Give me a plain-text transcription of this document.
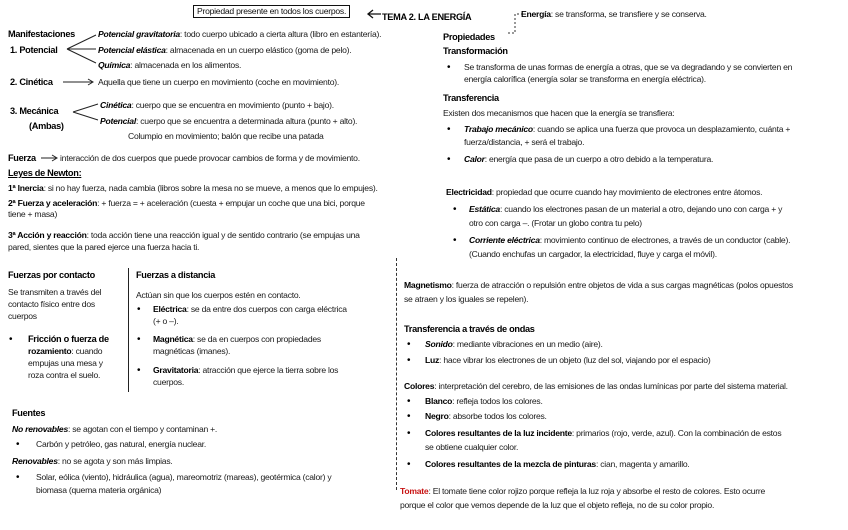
Propiedad presente en todos los cuerpos.
TEMA 2. LA ENERGÍA	Energía: se transforma, se transfiere y se conserva.
Manifestaciones
1. Potencial
Potencial gravitatoria: todo cuerpo ubicado a cierta altura (libro en estantería).
Potencial elástica: almacenada en un cuerpo elástico (goma de pelo).
Química: almacenada en los alimentos.
2. Cinética	Aquella que tiene un cuerpo en movimiento (coche en movimiento).
3. Mecánica
(Ambas)
Cinética: cuerpo que se encuentra en movimiento (punto + bajo).
Potencial: cuerpo que se encuentra a determinada altura (punto + alto).
Columpio en movimiento; balón que recibe una patada
Fuerza	interacción de dos cuerpos que puede provocar cambios de forma y de movimiento.
Leyes de Newton:
1ª Inercia: si no hay fuerza, nada cambia (libros sobre la mesa no se mueve, a menos que lo empujes).
2ª Fuerza y aceleración: + fuerza = + aceleración (cuesta + empujar un coche que una bici, porque
tiene + masa)
3ª Acción y reacción: toda acción tiene una reacción igual y de sentido contrario (se empujas una
pared, sientes que la pared ejerce una fuerza hacia ti.
Fuerzas por contacto
Se transmiten a través del
contacto físico entre dos
cuerpos
• Fricción o fuerza de
rozamiento: cuando
empujas una mesa y
roza contra el suelo.
Fuerzas a distancia
Actúan sin que los cuerpos estén en contacto.
• Eléctrica: se da entre dos cuerpos con carga eléctrica
(+ o –).
• Magnética: se da en cuerpos con propiedades
magnéticas (imanes).
• Gravitatoria: atracción que ejerce la tierra sobre los
cuerpos.
Fuentes
No renovables: se agotan con el tiempo y contaminan +.
• Carbón y petróleo, gas natural, energía nuclear.
Renovables: no se agota y son más limpias.
• Solar, eólica (viento), hidráulica (agua), mareomotriz (mareas), geotérmica (calor) y
biomasa (quema materia orgánica)
Propiedades
Transformación
• Se transforma de unas formas de energía a otras, que se va degradando y se convierten en
energía calorífica (energía solar se transforma en energía eléctrica).
Transferencia
Existen dos mecanismos que hacen que la energía se transfiera:
• Trabajo mecánico: cuando se aplica una fuerza que provoca un desplazamiento, cuánta +
fuerza/distancia, + será el trabajo.
• Calor: energía que pasa de un cuerpo a otro debido a la temperatura.
Electricidad: propiedad que ocurre cuando hay movimiento de electrones entre átomos.
• Estática: cuando los electrones pasan de un material a otro, dejando uno con carga + y
otro con carga –. (Frotar un globo contra tu pelo)
• Corriente eléctrica: movimiento continuo de electrones, a través de un conductor (cable).
(Cuando enchufas un cargador, la electricidad, fluye y carga el móvil).
Magnetismo: fuerza de atracción o repulsión entre objetos de vida a sus cargas magnéticas (polos opuestos
se atraen y los iguales se repelen).
Transferencia a través de ondas
• Sonido: mediante vibraciones en un medio (aire).
• Luz: hace vibrar los electrones de un objeto (luz del sol, viajando por el espacio)
Colores: interpretación del cerebro, de las emisiones de las ondas lumínicas por parte del sistema material.
• Blanco: refleja todos los colores.
• Negro: absorbe todos los colores.
• Colores resultantes de la luz incidente: primarios (rojo, verde, azul). Con la combinación de estos
se obtiene cualquier color.
• Colores resultantes de la mezcla de pinturas: cian, magenta y amarillo.
Tomate: El tomate tiene color rojizo porque refleja la luz roja y absorbe el resto de colores. Esto ocurre
porque el color que vemos depende de la luz que el objeto refleja, no de su color propio.
